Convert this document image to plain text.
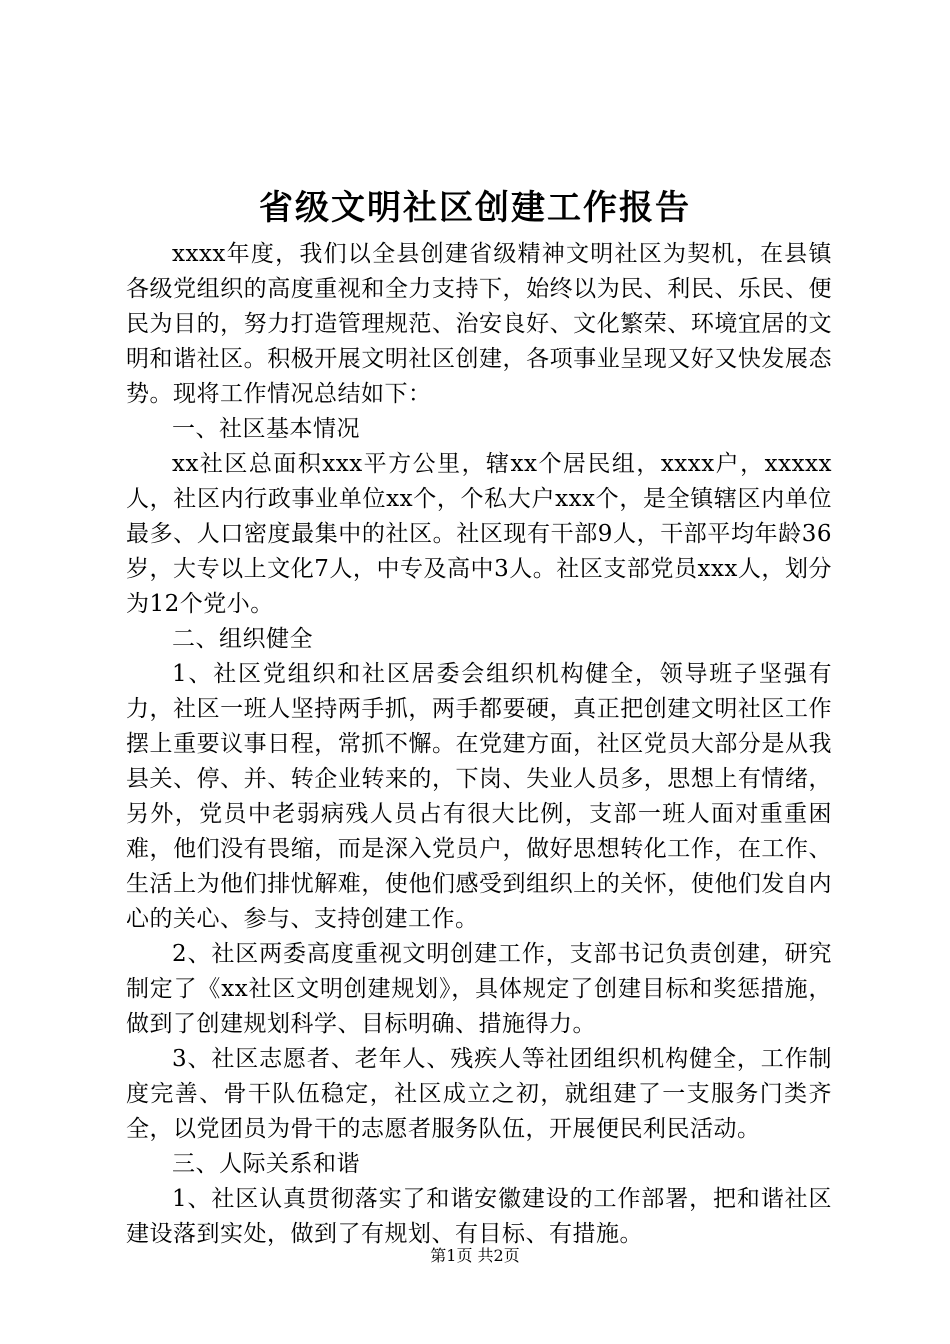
省级文明社区创建工作报告

xxxx年度，我们以全县创建省级精神文明社区为契机，在县镇各级党组织的高度重视和全力支持下，始终以为民、利民、乐民、便民为目的，努力打造管理规范、治安良好、文化繁荣、环境宜居的文明和谐社区。积极开展文明社区创建，各项事业呈现又好又快发展态势。现将工作情况总结如下：

一、社区基本情况

xx社区总面积xxx平方公里，辖xx个居民组，xxxx户，xxxxx人，社区内行政事业单位xx个，个私大户xxx个，是全镇辖区内单位最多、人口密度最集中的社区。社区现有干部9人，干部平均年龄36岁，大专以上文化7人，中专及高中3人。社区支部党员xxx人，划分为12个党小。

二、组织健全

1、社区党组织和社区居委会组织机构健全，领导班子坚强有力，社区一班人坚持两手抓，两手都要硬，真正把创建文明社区工作摆上重要议事日程，常抓不懈。在党建方面，社区党员大部分是从我县关、停、并、转企业转来的，下岗、失业人员多，思想上有情绪，另外，党员中老弱病残人员占有很大比例，支部一班人面对重重困难，他们没有畏缩，而是深入党员户，做好思想转化工作，在工作、生活上为他们排忧解难，使他们感受到组织上的关怀，使他们发自内心的关心、参与、支持创建工作。

2、社区两委高度重视文明创建工作，支部书记负责创建，研究制定了《xx社区文明创建规划》，具体规定了创建目标和奖惩措施，做到了创建规划科学、目标明确、措施得力。

3、社区志愿者、老年人、残疾人等社团组织机构健全，工作制度完善、骨干队伍稳定，社区成立之初，就组建了一支服务门类齐全，以党团员为骨干的志愿者服务队伍，开展便民利民活动。

三、人际关系和谐

1、社区认真贯彻落实了和谐安徽建设的工作部署，把和谐社区建设落到实处，做到了有规划、有目标、有措施。

第1页 共2页
